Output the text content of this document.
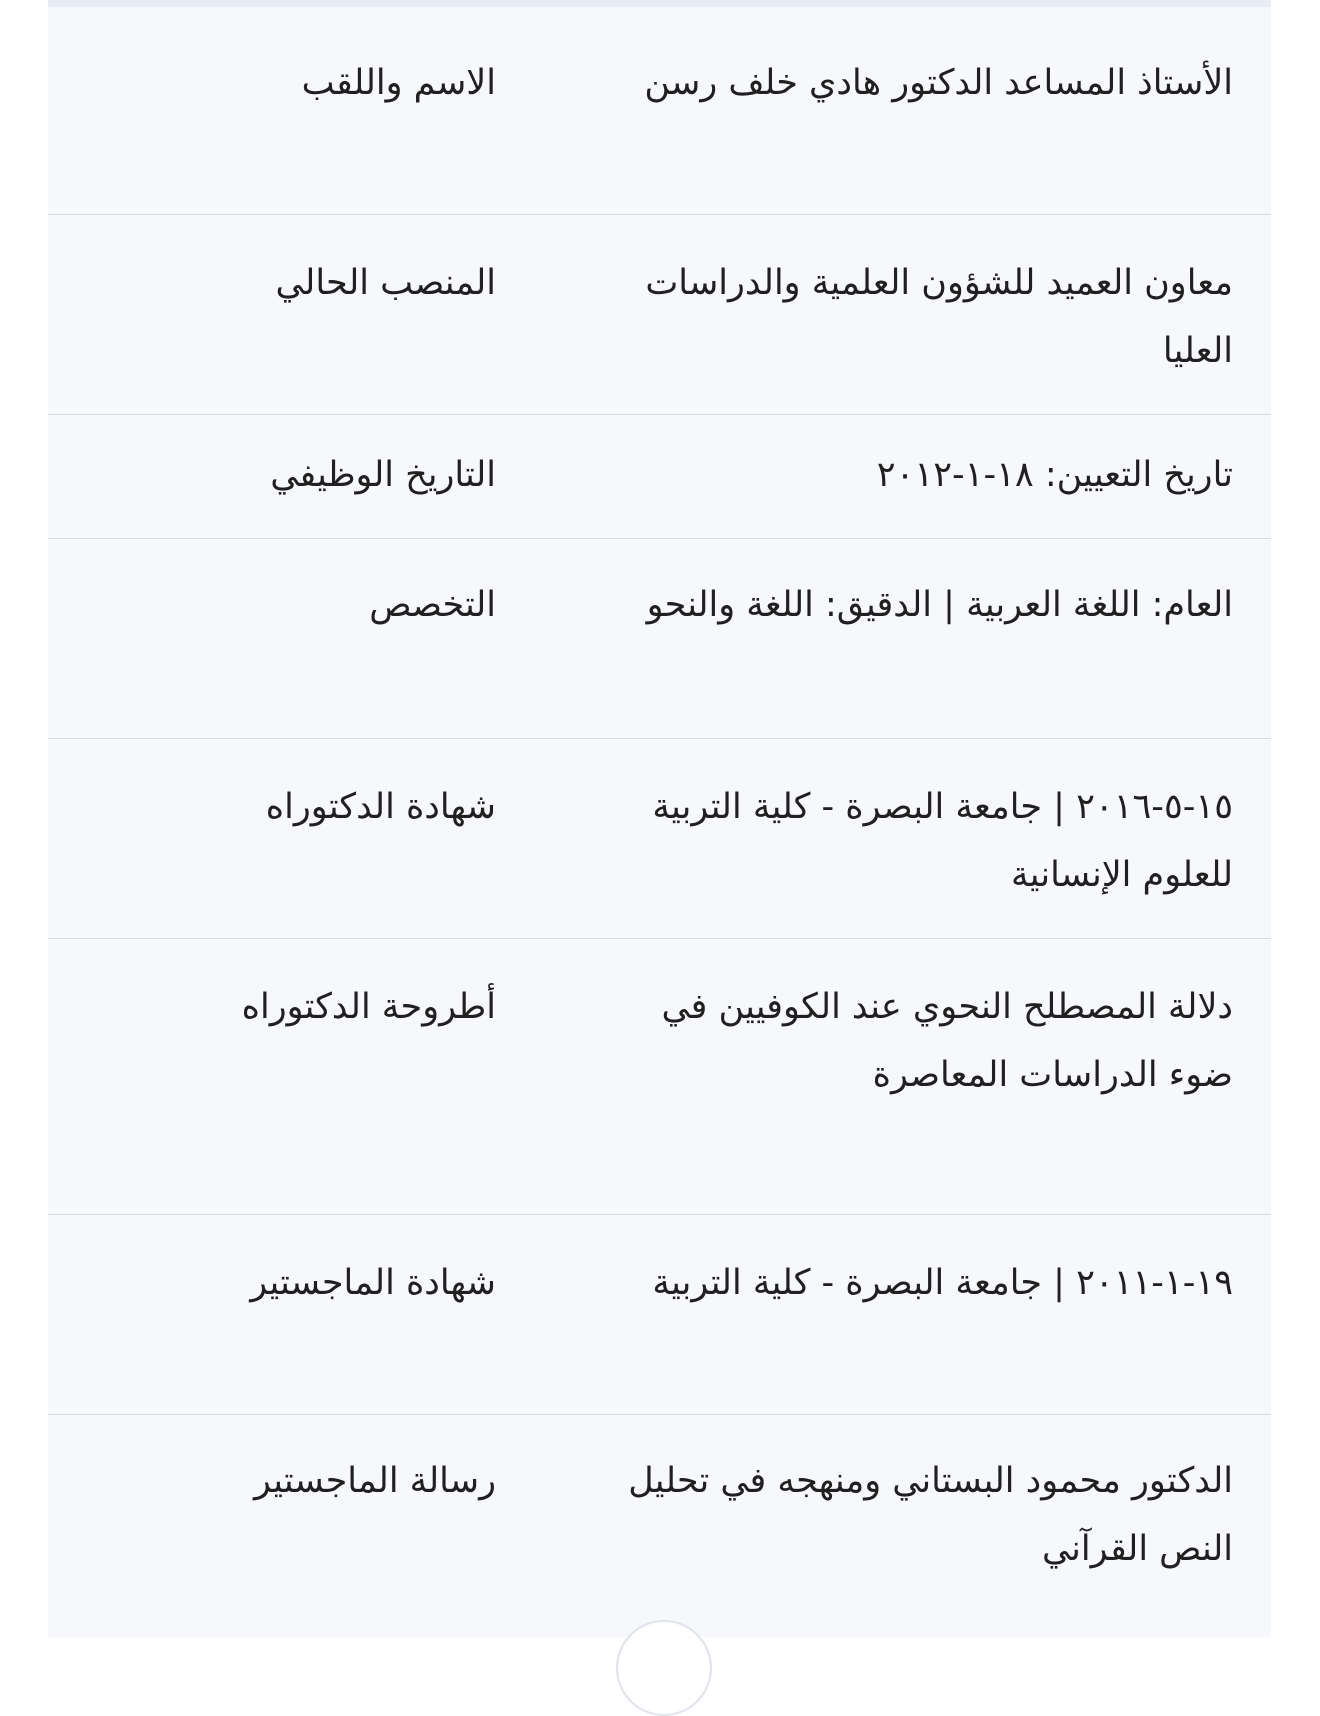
الأستاذ المساعد الدكتور هادي خلف رسن

الاسم واللقب

معاون العميد للشؤون العلمية والدراسات العليا

المنصب الحالي

تاريخ التعيين: ١٨-١-٢٠١٢

التاريخ الوظيفي

العام: اللغة العربية | الدقيق: اللغة والنحو

التخصص

١٥-٥-٢٠١٦ | جامعة البصرة - كلية التربية للعلوم الإنسانية

شهادة الدكتوراه

دلالة المصطلح النحوي عند الكوفيين في ضوء الدراسات المعاصرة

أطروحة الدكتوراه

١٩-١-٢٠١١ | جامعة البصرة - كلية التربية

شهادة الماجستير

الدكتور محمود البستاني ومنهجه في تحليل النص القرآني

رسالة الماجستير
